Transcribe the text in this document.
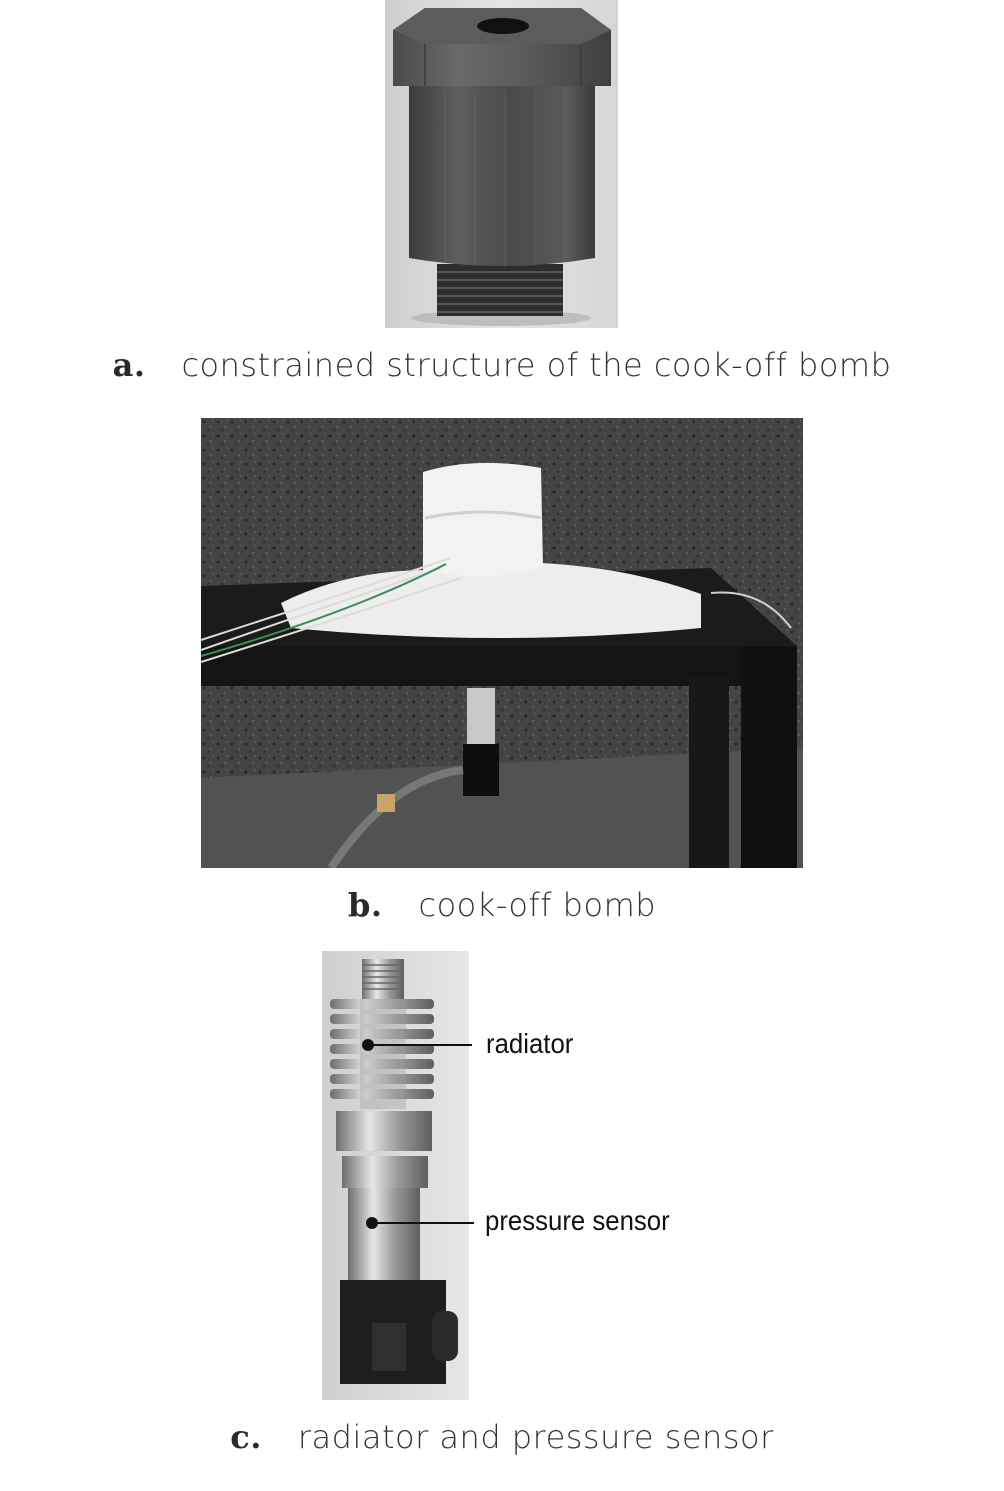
a. constrained structure of the cook-off bomb
b. cook-off bomb
radiator
pressure sensor
c. radiator and pressure sensor
